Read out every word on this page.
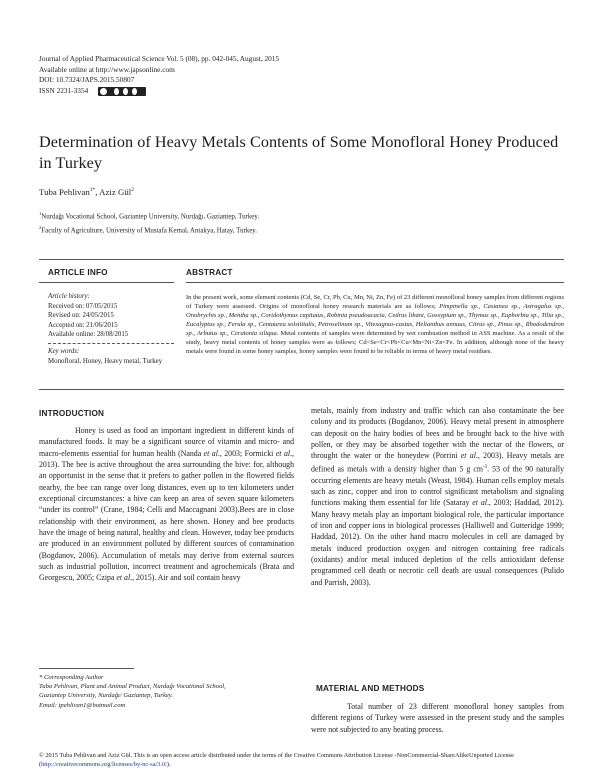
Journal of Applied Pharmaceutical Science Vol. 5 (08), pp. 042-045, August, 2015
Available online at http://www.japsonline.com
DOI: 10.7324/JAPS.2015.50807
ISSN 2231-3354
Determination of Heavy Metals Contents of Some Monofloral Honey Produced in Turkey
Tuba Pehlivan$^{1*}$, Aziz Gül$^2$
$^1$Nurdağı Vocational School, Gaziantep University, Nurdağı, Gaziantep, Turkey.
$^2$Faculty of Agriculture, University of Mustafa Kemal, Antakya, Hatay, Turkey.
ARTICLE INFO
Article history:
Received on: 07/05/2015
Revised on: 24/05/2015
Accepted on: 21/06/2015
Available online: 28/08/2015
Key words:
Monofloral, Honey, Heavy metal, Turkey
ABSTRACT
In the present work, some element contents (Cd, Se, Cr, Pb, Cu, Mn, Ni, Zn, Fe) of 23 different monofloral honey samples from different regions of Turkey were assessed. Origins of monofloral honey research materials are as follows; Pimpinella sp., Castanea sp., Astragalus sp., Onobrychis sp., Mentha sp., Coridothymus capitatus, Robinia pseudoacacia, Cedrus libani, Gossypium sp., Thymus sp., Euphorbia sp., Tilia sp., Eucalyptus sp., Ferula sp., Centaurea solstitialis, Petroselinum sp., Vitexagnus-castus, Helianthus annuus, Citrus sp., Pinus sp., Rhododendron sp., Arbutus sp., Ceratonia siliqua. Metal contents of samples were determined by wet combustion method in ASS machine. As a result of the study, heavy metal contents of honey samples were as follows; Cd<Se<Cr<Pb<Cu<Mn<Ni<Zn<Fe. In addition, although none of the heavy metals were found in some honey samples, honey samples were found to be reliable in terms of heavy metal residues.
INTRODUCTION
Honey is used as food an important ingredient in different kinds of manufactured foods. It may be a significant source of vitamin and micro- and macro-elements essential for human health (Nanda et al., 2003; Formicki et al., 2013). The bee is active throughout the area surrounding the hive: for, although an opportunist in the sense that it prefers to gather pollen in the flowered fields nearby, the bee can range over long distances, even up to ten kilometers under exceptional circumstances: a hive can keep an area of seven square kilometers “under its control” (Crane, 1984; Celli and Maccagnani 2003).Bees are in close relationship with their environment, as here shown. Honey and bee products have the image of being natural, healthy and clean. However, today bee products are produced in an environment polluted by different sources of contamination (Bogdanov, 2006). Accumulation of metals may derive from external sources such as industrial pollution, incorrect treatment and agrochemicals (Brata and Georgescu, 2005; Czipa et al., 2015). Air and soil contain heavy
metals, mainly from industry and traffic which can also contaminate the bee colony and its products (Bogdanov, 2006). Heavy metal present in atmosphere can deposit on the hairy bodies of bees and be brought back to the hive with pollen, or they may be absorbed together with the nectar of the flowers, or throught the water or the honeydew (Porrini et al., 2003). Heavy metals are defined as metals with a density higher than 5 g $cm^{-3}$. 53 of the 90 naturally occurring elements are heavy metals (Weast, 1984). Human cells employ metals such as zinc, copper and iron to control significant metabolism and signaling functions making them essential for life (Sataray et al., 2003; Haddad, 2012). Many heavy metals play an important biological role, the particular importance of iron and copper ions in biological processes (Halliwell and Gutteridge 1999; Haddad, 2012). On the other hand macro molecules in cell are damaged by metals induced production oxygen and nitrogen containing free radicals (oxidants) and/or metal induced depletion of the cells antioxidant defense programmed cell death or necrotic cell death are usual consequences (Pulido and Parrish, 2003).
MATERIAL AND METHODS
Total number of 23 different monofloral honey samples from different regions of Turkey were assessed in the present study and the samples were not subjected to any heating process.
* Corresponding Author
Tuba Pehlivan, Plant and Animal Product, Nurdağı Vocational School,
Gaziantep University, Nurdağı/ Gaziantep, Turkey.
Email: tpehlivan1@hotmail.com
© 2015 Tuba Pehlivan and Aziz Gül. This is an open access article distributed under the terms of the Creative Commons Attribution License -NonCommercial-ShareAlikeUnported License (http://creativecommons.org/licenses/by-nc-sa/3.0/).
